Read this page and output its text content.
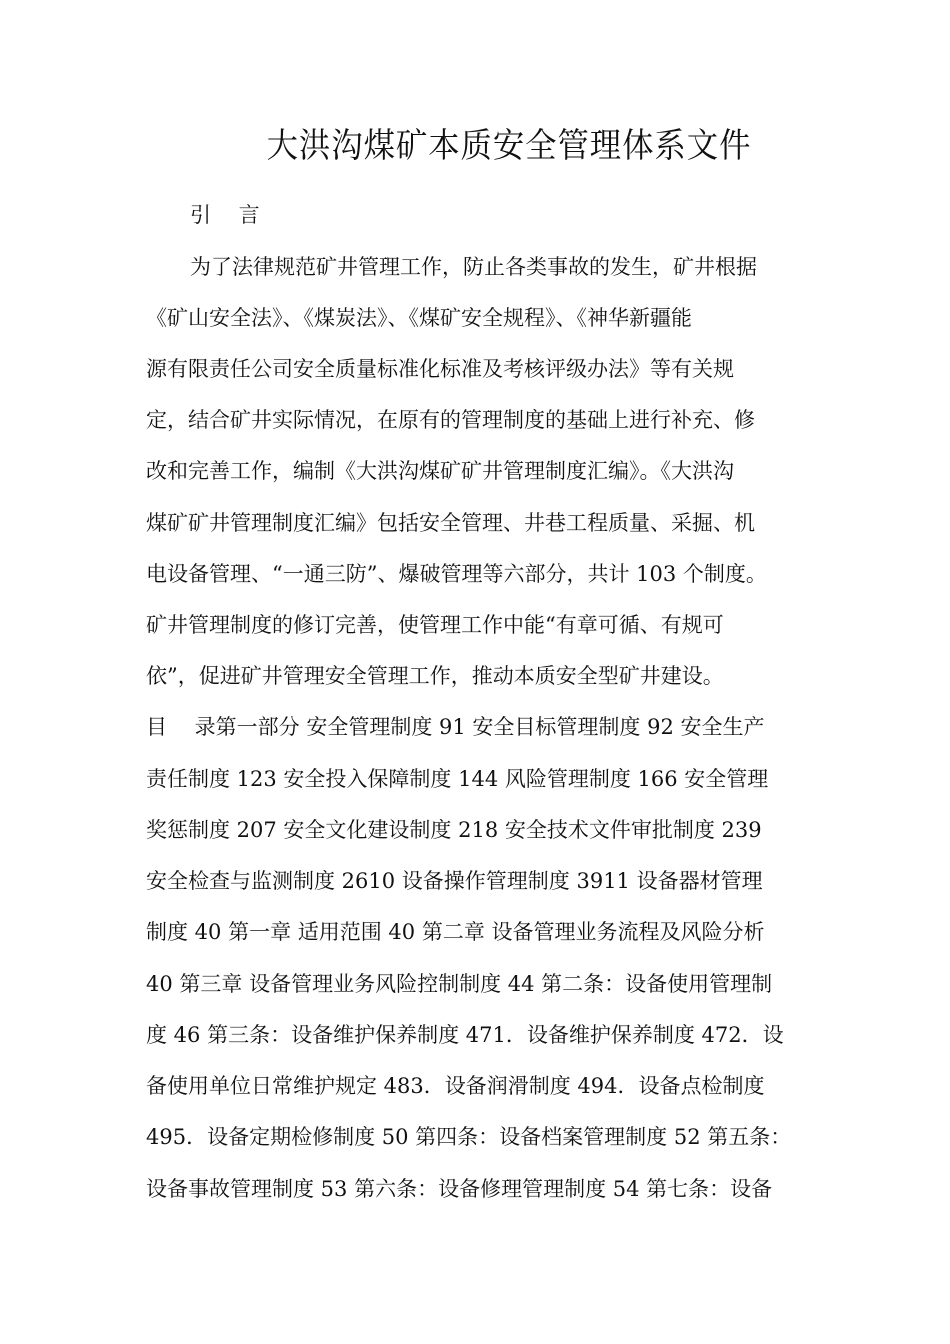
大洪沟煤矿本质安全管理体系文件
引　 言
为了法律规范矿井管理工作，防止各类事故的发生，矿井根据
《矿山安全法》、《煤炭法》、《煤矿安全规程》、《神华新疆能
源有限责任公司安全质量标准化标准及考核评级办法》等有关规
定，结合矿井实际情况，在原有的管理制度的基础上进行补充、修
改和完善工作，编制《大洪沟煤矿矿井管理制度汇编》。《大洪沟
煤矿矿井管理制度汇编》包括安全管理、井巷工程质量、采掘、机
电设备管理、“一通三防”、爆破管理等六部分，共计 103 个制度。
矿井管理制度的修订完善，使管理工作中能“有章可循、有规可
依”，促进矿井管理安全管理工作，推动本质安全型矿井建设。
目　 录第一部分 安全管理制度 91 安全目标管理制度 92 安全生产
责任制度 123 安全投入保障制度 144 风险管理制度 166 安全管理
奖惩制度 207 安全文化建设制度 218 安全技术文件审批制度 239
安全检查与监测制度 2610 设备操作管理制度 3911 设备器材管理
制度 40 第一章 适用范围 40 第二章 设备管理业务流程及风险分析
40 第三章 设备管理业务风险控制制度 44 第二条：设备使用管理制
度 46 第三条：设备维护保养制度 471．设备维护保养制度 472．设
备使用单位日常维护规定 483．设备润滑制度 494．设备点检制度
495．设备定期检修制度 50 第四条：设备档案管理制度 52 第五条：
设备事故管理制度 53 第六条：设备修理管理制度 54 第七条：设备
